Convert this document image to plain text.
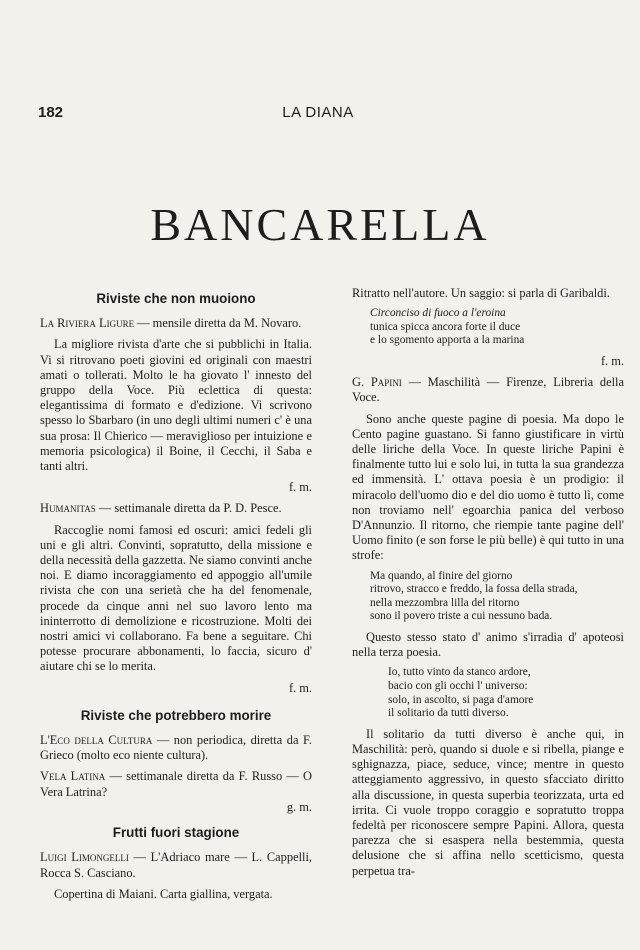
182	LA DIANA
BANCARELLA
Riviste che non muoiono

La Riviera Ligure — mensile diretta da M. Novaro.

La migliore rivista d'arte che si pubblichi in Italia. Vi si ritrovano poeti giovini ed originali con maestri amati o tollerati. Molto le ha giovato l' innesto del gruppo della Voce. Più eclettica di questa: elegantissima di formato e d'edizione. Vi scrivono spesso lo Sbarbaro (in uno degli ultimi numeri c' è una sua prosa: Il Chierico — meraviglioso per intuizione e memoria psicologica) il Boine, il Cecchi, il Saba e tanti altri.

f. m.

Humanitas — settimanale diretta da P. D. Pesce.

Raccoglie nomi famosi ed oscuri: amici fedeli gli uni e gli altri. Convinti, sopratutto, della missione e della necessità della gazzetta. Ne siamo convinti anche noi. E diamo incoraggiamento ed appoggio all'umile rivista che con una serietà che ha del fenomenale, procede da cinque anni nel suo lavoro lento ma ininterrotto di demolizione e ricostruzione. Molti dei nostri amici vi collaborano. Fa bene a seguitare. Chi potesse procurare abbonamenti, lo faccia, sicuro d' aiutare chi se lo merita.

f. m.
Riviste che potrebbero morire

L'Eco della Cultura — non periodica, diretta da F. Grieco (molto eco niente cultura).

Vela Latina — settimanale diretta da F. Russo — O Vera Latrina?

g. m.
Frutti fuori stagione

Luigi Limongelli — L'Adriaco mare — L. Cappelli, Rocca S. Casciano.

Copertina di Maiani. Carta giallina, vergata.

Ritratto nell'autore. Un saggio: si parla di Garibaldi.

Circonciso di fuoco a l'eroina
tunica spicca ancora forte il duce
e lo sgomento apporta a la marina
f. m.

G. Papini — Maschilità — Firenze, Libreria della Voce.

Sono anche queste pagine di poesia. Ma dopo le Cento pagine guastano. Si fanno giustificare in virtù delle liriche della Voce. In queste liriche Papini è finalmente tutto lui e solo lui, in tutta la sua grandezza ed immensità. L' ottava poesia è un prodigio: il miracolo dell'uomo dio e del dio uomo è tutto lì, come non troviamo nell' egoarchia panica del verboso D'Annunzio. Il ritorno, che riempie tante pagine dell' Uomo finito (e son forse le più belle) è qui tutto in una strofe:

Ma quando, al finire del giorno
ritrovo, stracco e freddo, la fossa della strada,
nella mezzombra lilla del ritorno
sono il povero triste a cui nessuno bada.

Questo stesso stato d' animo s'irradia d' apoteosi nella terza poesia.

Io, tutto vinto da stanco ardore,
bacio con gli occhi l' universo:
solo, in ascolto, si paga d'amore
il solitario da tutti diverso.

Il solitario da tutti diverso è anche qui, in Maschilità: però, quando si duole e si ribella, piange e sghignazza, piace, seduce, vince; mentre in questo atteggiamento aggressivo, in questo sfacciato diritto alla discussione, in questa superbia teorizzata, urta ed irrita. Ci vuole troppo coraggio e sopratutto troppa fedeltà per riconoscere sempre Papini. Allora, questa parezza che si esaspera nella bestemmia, questa delusione che si affina nello scetticismo, questa perpetua tra-
